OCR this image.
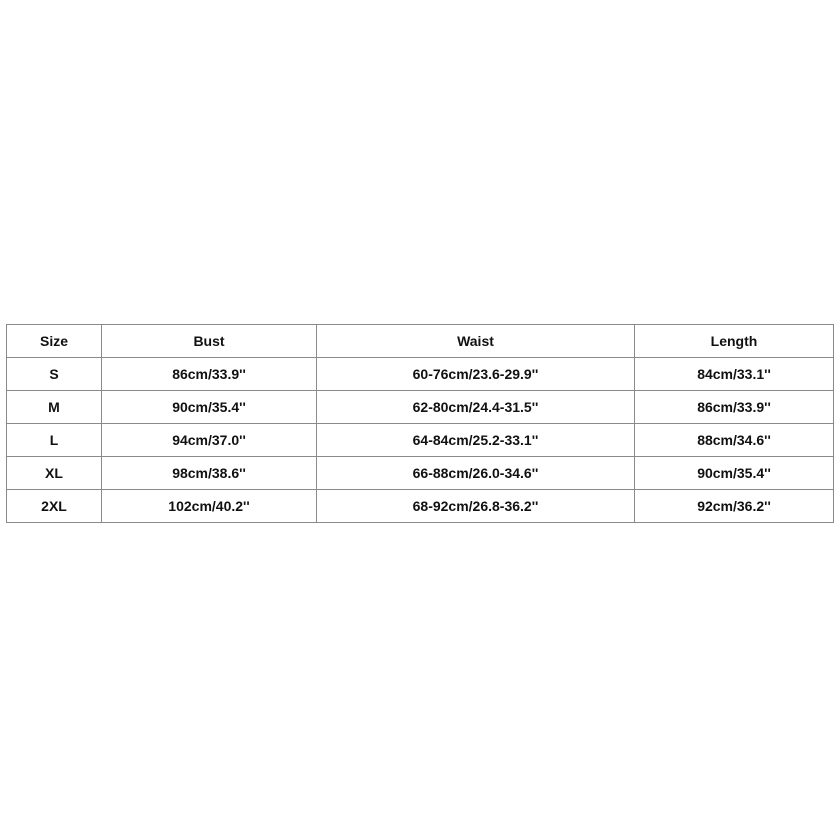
Size	Bust	Waist	Length
S	86cm/33.9''	60-76cm/23.6-29.9''	84cm/33.1''
M	90cm/35.4''	62-80cm/24.4-31.5''	86cm/33.9''
L	94cm/37.0''	64-84cm/25.2-33.1''	88cm/34.6''
XL	98cm/38.6''	66-88cm/26.0-34.6''	90cm/35.4''
2XL	102cm/40.2''	68-92cm/26.8-36.2''	92cm/36.2''
